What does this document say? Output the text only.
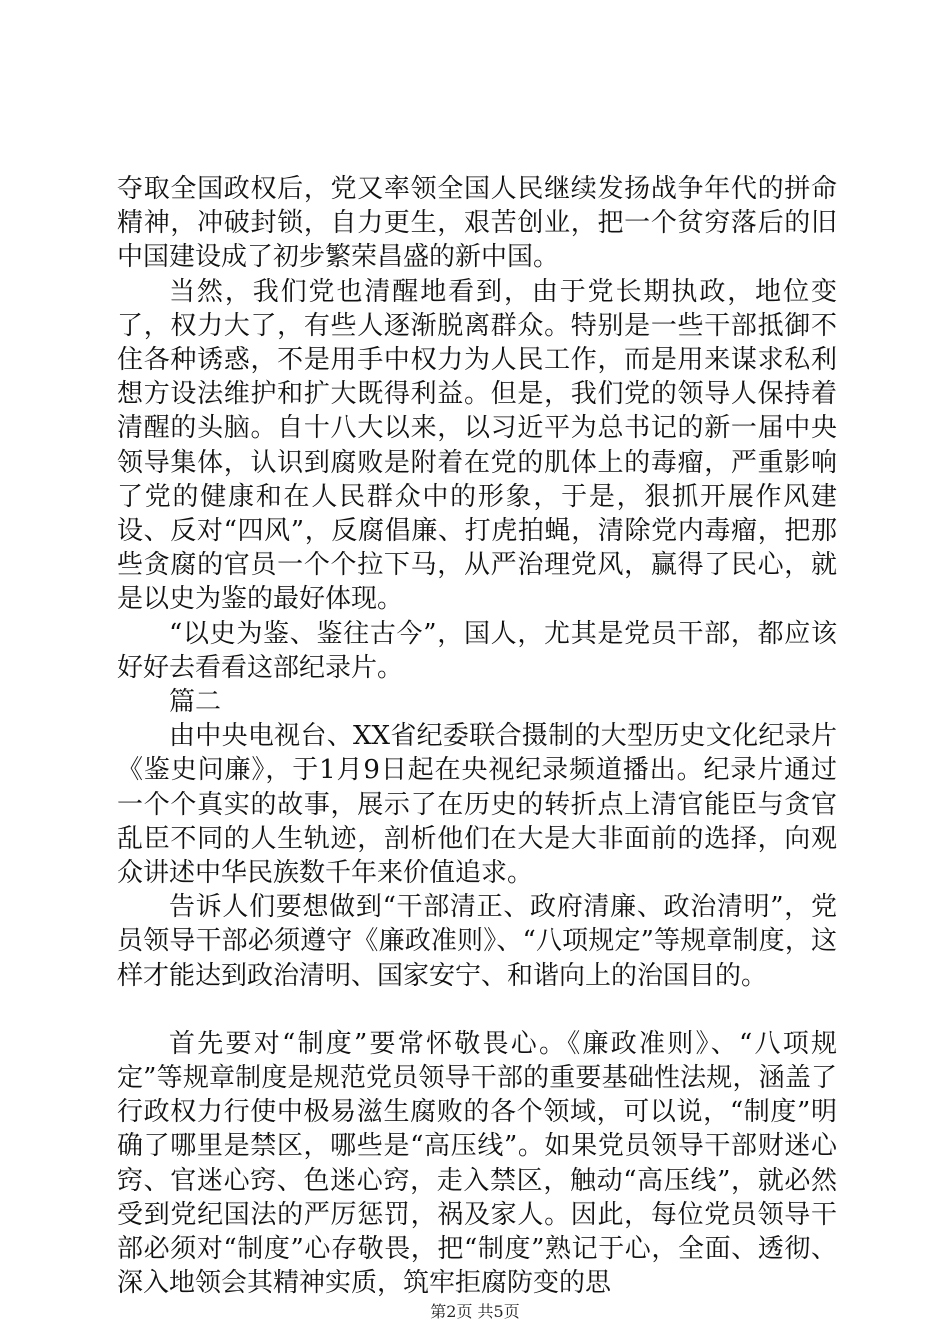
夺取全国政权后，党又率领全国人民继续发扬战争年代的拼命精神，冲破封锁，自力更生，艰苦创业，把一个贫穷落后的旧中国建设成了初步繁荣昌盛的新中国。

当然，我们党也清醒地看到，由于党长期执政，地位变了，权力大了，有些人逐渐脱离群众。特别是一些干部抵御不住各种诱惑，不是用手中权力为人民工作，而是用来谋求私利想方设法维护和扩大既得利益。但是，我们党的领导人保持着清醒的头脑。自十八大以来，以习近平为总书记的新一届中央领导集体，认识到腐败是附着在党的肌体上的毒瘤，严重影响了党的健康和在人民群众中的形象，于是，狠抓开展作风建设、反对“四风”，反腐倡廉、打虎拍蝇，清除党内毒瘤，把那些贪腐的官员一个个拉下马，从严治理党风，赢得了民心，就是以史为鉴的最好体现。

“以史为鉴、鉴往古今”，国人，尤其是党员干部，都应该好好去看看这部纪录片。

篇二

由中央电视台、XX省纪委联合摄制的大型历史文化纪录片《鉴史问廉》，于1月9日起在央视纪录频道播出。纪录片通过一个个真实的故事，展示了在历史的转折点上清官能臣与贪官乱臣不同的人生轨迹，剖析他们在大是大非面前的选择，向观众讲述中华民族数千年来价值追求。

告诉人们要想做到“干部清正、政府清廉、政治清明”，党员领导干部必须遵守《廉政准则》、“八项规定”等规章制度，这样才能达到政治清明、国家安宁、和谐向上的治国目的。

首先要对“制度”要常怀敬畏心。《廉政准则》、“八项规定”等规章制度是规范党员领导干部的重要基础性法规，涵盖了行政权力行使中极易滋生腐败的各个领域，可以说，“制度”明确了哪里是禁区，哪些是“高压线”。如果党员领导干部财迷心窍、官迷心窍、色迷心窍，走入禁区，触动“高压线”，就必然受到党纪国法的严厉惩罚，祸及家人。因此，每位党员领导干部必须对“制度”心存敬畏，把“制度”熟记于心，全面、透彻、深入地领会其精神实质，筑牢拒腐防变的思

第2页 共5页
